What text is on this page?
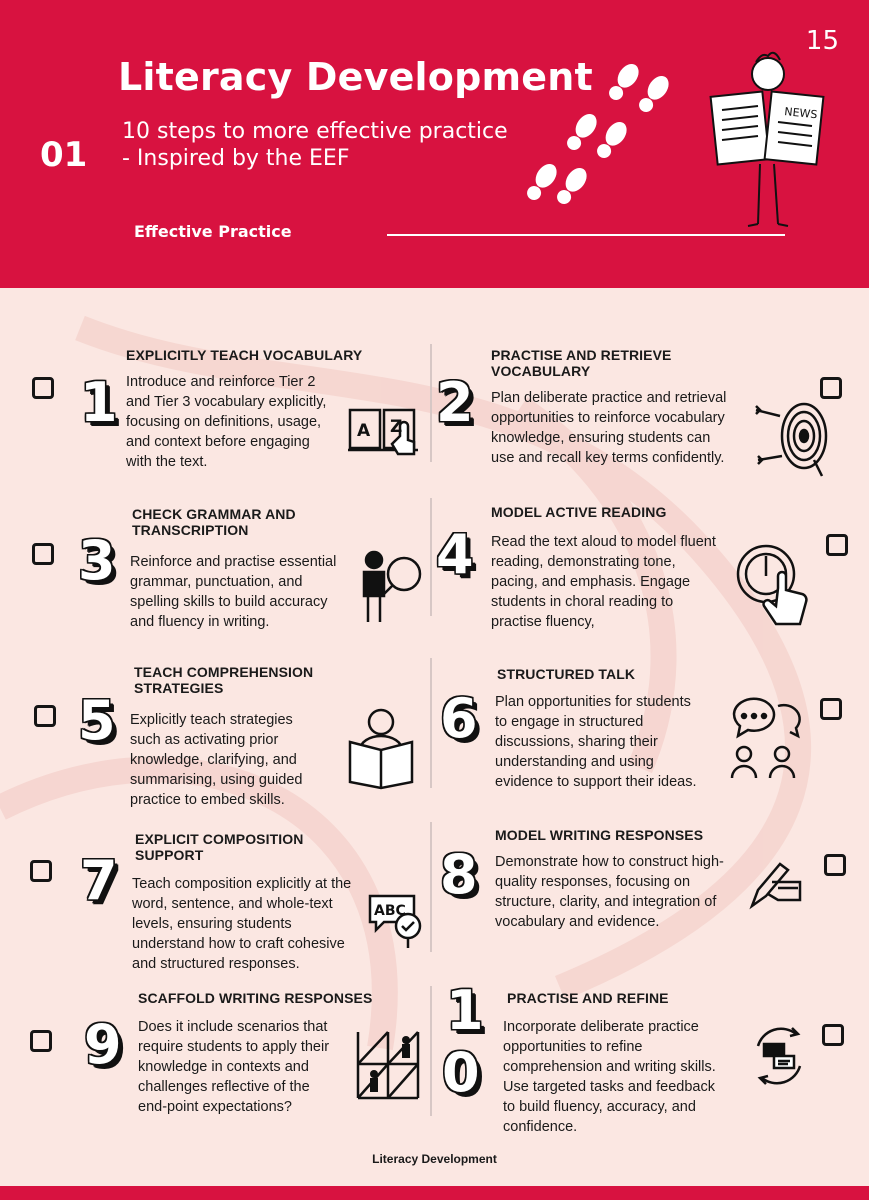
15
Literacy Development
01
10 steps to more effective practice
- Inspired by the EEF
Effective Practice
NEWS
1
EXPLICITLY TEACH VOCABULARY
Introduce and reinforce Tier 2
and Tier 3 vocabulary explicitly,
focusing on definitions, usage,
and context before engaging
with the text.
A Z 2
PRACTISE AND RETRIEVE VOCABULARY
Plan deliberate practice and retrieval
opportunities to reinforce vocabulary
knowledge, ensuring students can
use and recall key terms confidently.
3
CHECK GRAMMAR AND TRANSCRIPTION
Reinforce and practise essential
grammar, punctuation, and
spelling skills to build accuracy
and fluency in writing.
4
MODEL ACTIVE READING
Read the text aloud to model fluent
reading, demonstrating tone,
pacing, and emphasis. Engage
students in choral reading to
practise fluency,
5
TEACH COMPREHENSION STRATEGIES
Explicitly teach strategies
such as activating prior
knowledge, clarifying, and
summarising, using guided
practice to embed skills.
6
STRUCTURED TALK
Plan opportunities for students
to engage in structured
discussions, sharing their
understanding and using
evidence to support their ideas.
7
EXPLICIT COMPOSITION SUPPORT
Teach composition explicitly at the
word, sentence, and whole-text
levels, ensuring students
understand how to craft cohesive
and structured responses.
ABC
8
MODEL WRITING RESPONSES
Demonstrate how to construct high-
quality responses, focusing on
structure, clarity, and integration of
vocabulary and evidence.
9
SCAFFOLD WRITING RESPONSES
Does it include scenarios that
require students to apply their
knowledge in contexts and
challenges reflective of the
end-point expectations?
1
0
PRACTISE AND REFINE
Incorporate deliberate practice
opportunities to refine
comprehension and writing skills.
Use targeted tasks and feedback
to build fluency, accuracy, and
confidence.
Literacy Development
